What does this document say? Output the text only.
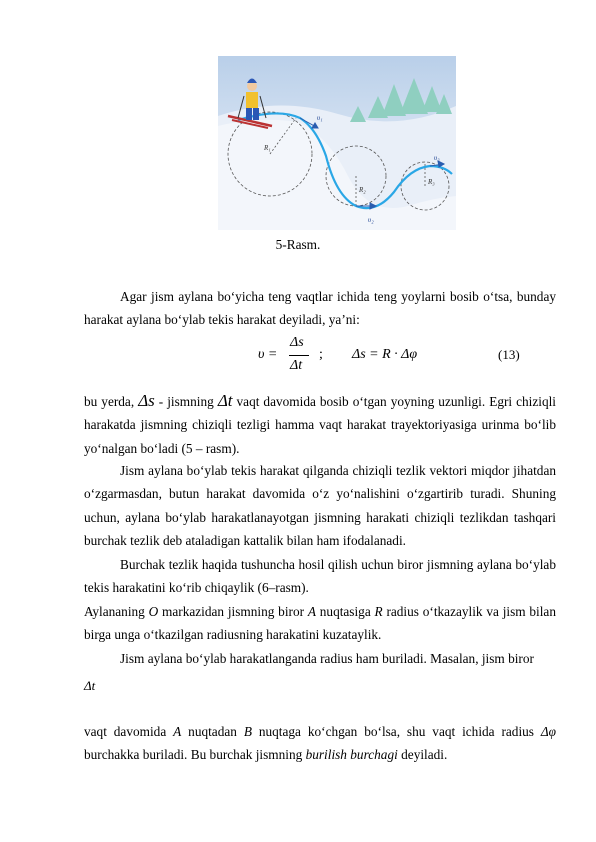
υ₁
R₁
R₂
υ₂
υ₃
R₃
5-Rasm.
Agar jism aylana bo‘yicha teng vaqtlar ichida teng yoylarni bosib o‘tsa, bunday harakat aylana bo‘ylab tekis harakat deyiladi, ya’ni:
υ =
Δs
Δt
; Δs = R · Δφ	(13)
bu yerda, Δs - jismning Δt vaqt davomida bosib o‘tgan yoyning uzunligi. Egri chiziqli harakatda jismning chiziqli tezligi hamma vaqt harakat trayektoriyasiga urinma bo‘lib yo‘nalgan bo‘ladi (5 – rasm).
Jism aylana bo‘ylab tekis harakat qilganda chiziqli tezlik vektori miqdor jihatdan o‘zgarmasdan, butun harakat davomida o‘z yo‘nalishini o‘zgartirib turadi. Shuning uchun, aylana bo‘ylab harakatlanayotgan jismning harakati chiziqli tezlikdan tashqari burchak tezlik deb ataladigan kattalik bilan ham ifodalanadi.
Burchak tezlik haqida tushuncha hosil qilish uchun biror jismning aylana bo‘ylab tekis harakatini ko‘rib chiqaylik (6–rasm).
Aylananing O markazidan jismning biror A nuqtasiga R radius o‘tkazaylik va jism bilan birga unga o‘tkazilgan radiusning harakatini kuzataylik.
Jism aylana bo‘ylab harakatlanganda radius ham buriladi. Masalan, jism biror
Δt
vaqt davomida A nuqtadan B nuqtaga ko‘chgan bo‘lsa, shu vaqt ichida radius Δφ burchakka buriladi. Bu burchak jismning burilish burchagi deyiladi.
